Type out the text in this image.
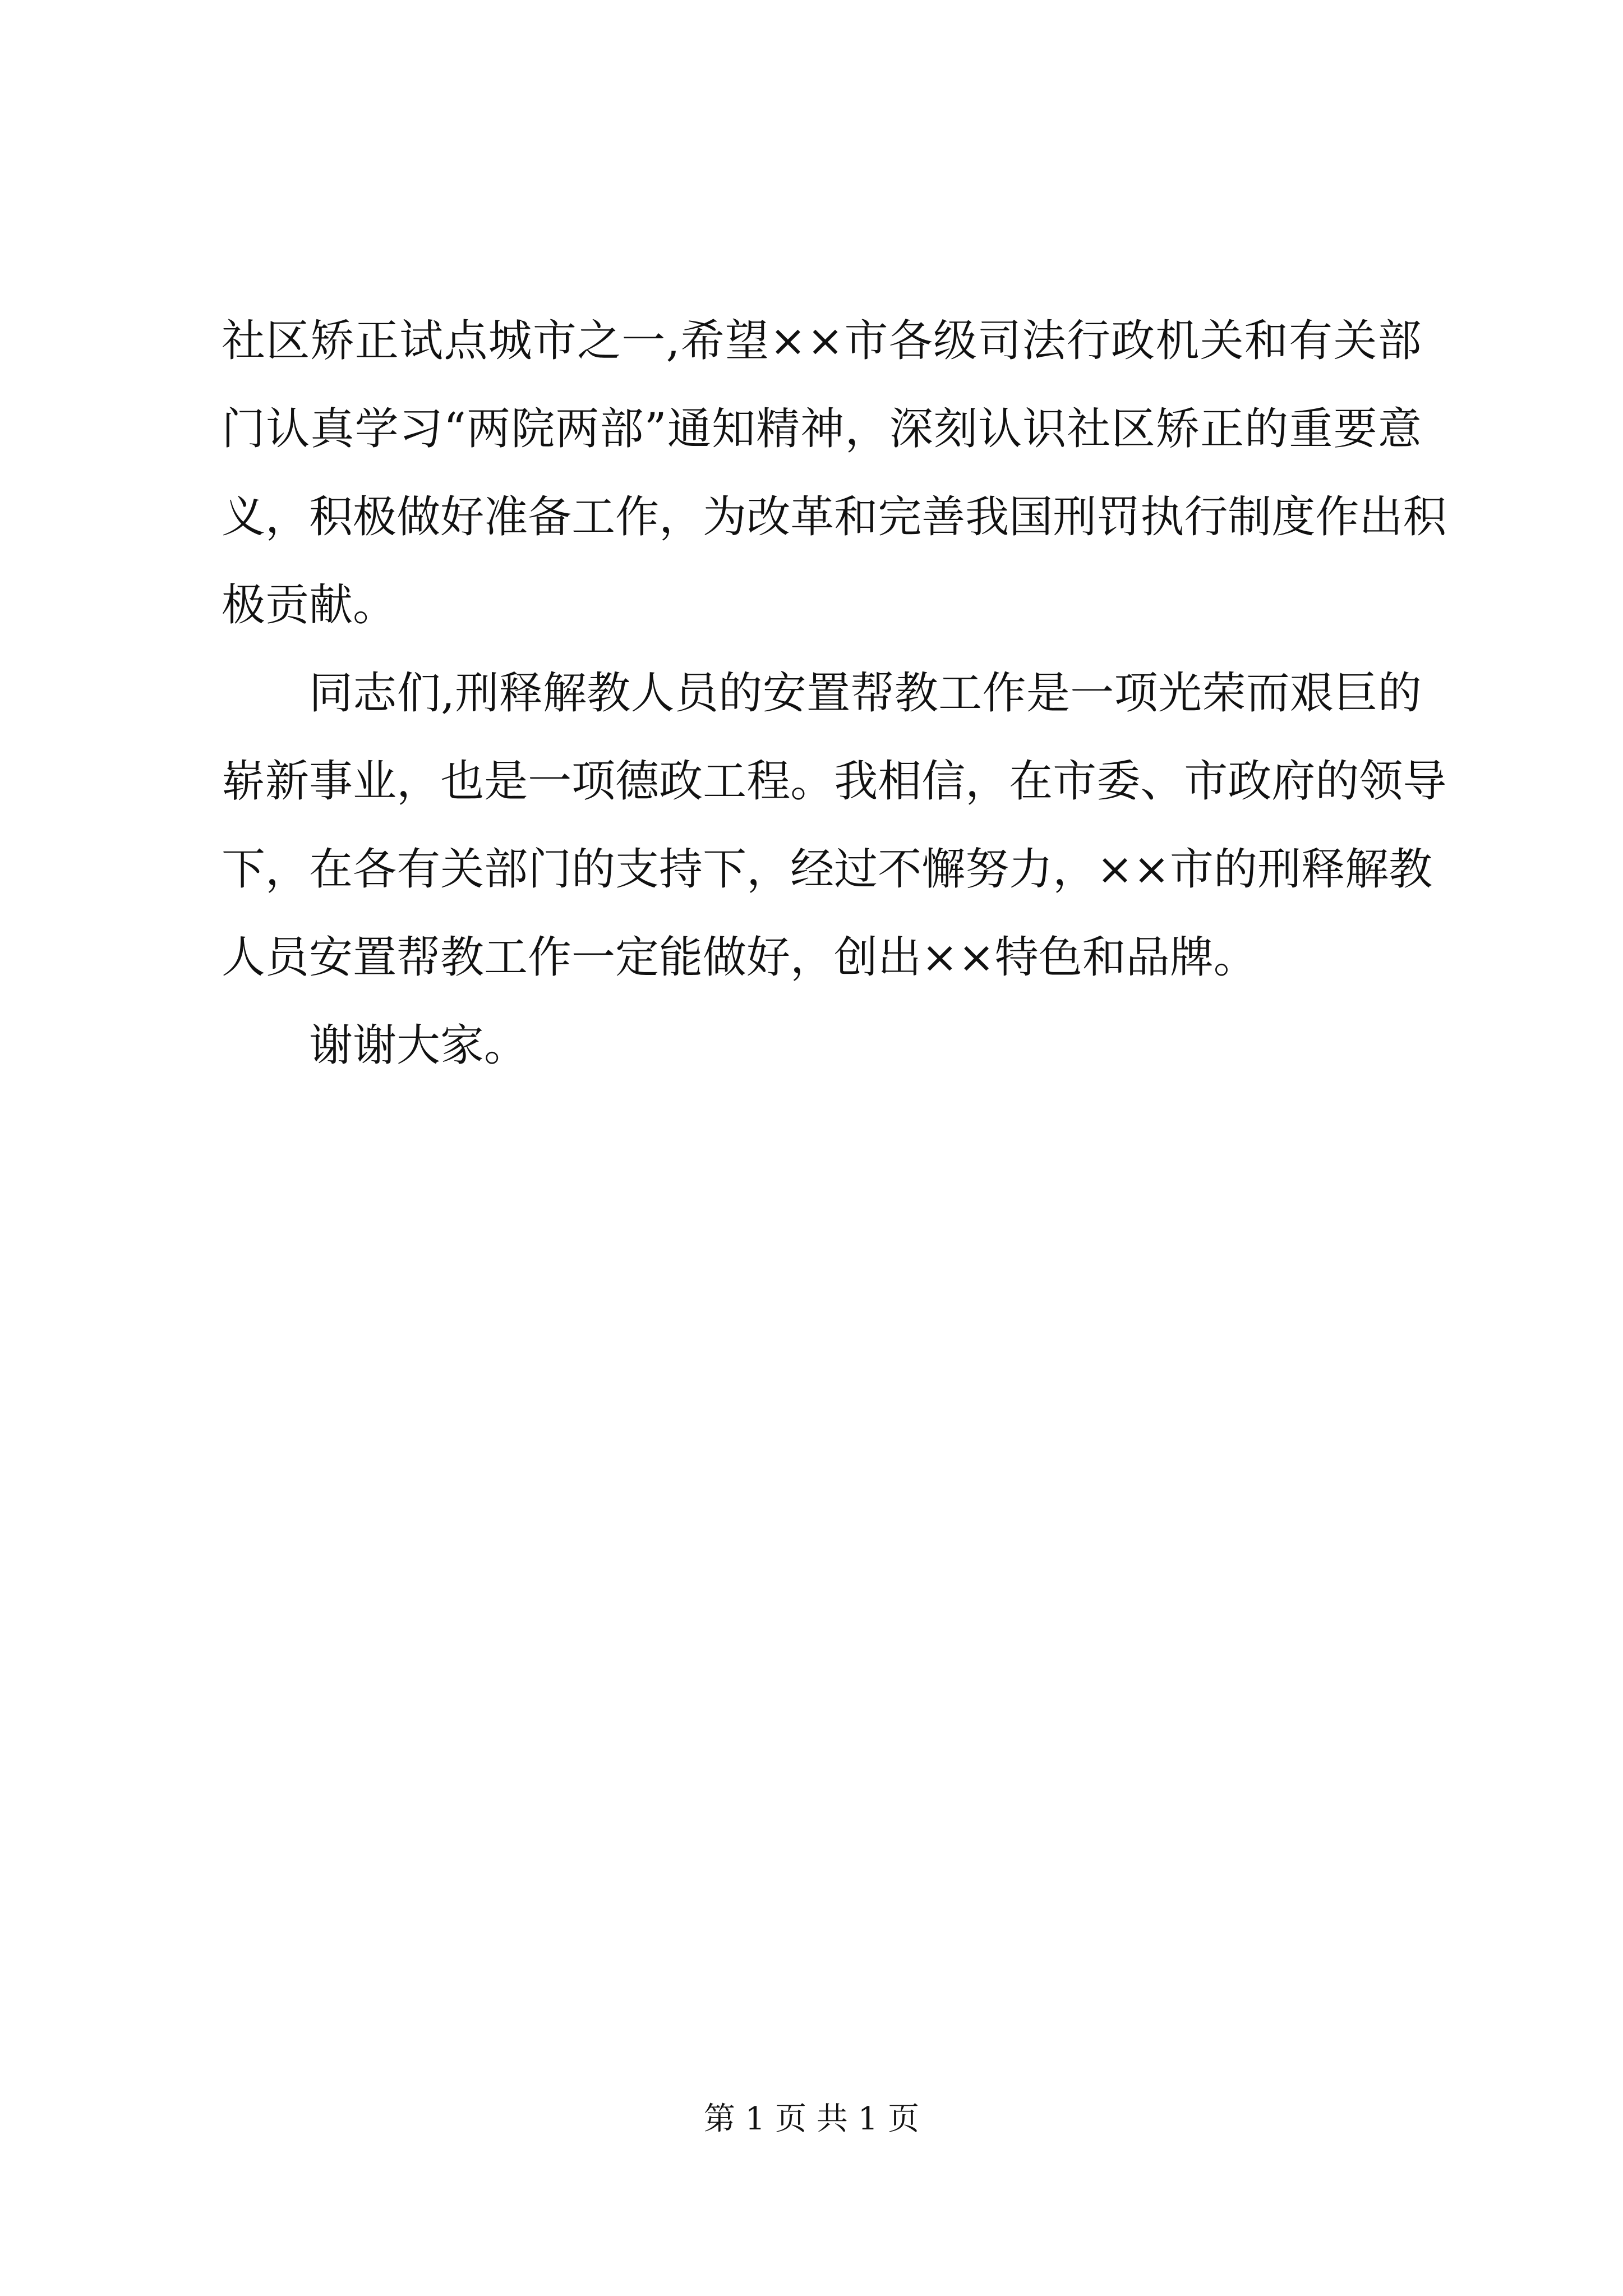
社 区 矫 正 试 点 城 市 之 一 , 希 望 × × 市 各 级 司 法 行 政 机 关 和 有 关 部
门 认 真 学 习 “ 两 院 两 部 ” 通 知 精 神 ， 深 刻 认 识 社 区 矫 正 的 重 要 意
义 ， 积 极 做 好 准 备 工 作 ， 为 改 革 和 完 善 我 国 刑 罚 执 行 制 度 作 出 积
极贡献。
同 志 们 , 刑 释 解 教 人 员 的 安 置 帮 教 工 作 是 一 项 光 荣 而 艰 巨 的
崭 新 事 业 ， 也 是 一 项 德 政 工 程 。 我 相 信 ， 在 市 委 、 市 政 府 的 领 导
下 ， 在 各 有 关 部 门 的 支 持 下 ， 经 过 不 懈 努 力 ， × × 市 的 刑 释 解 教
人员安置帮教工作一定能做好，创出××特色和品牌。
谢谢大家。
第 1 页 共 1 页
